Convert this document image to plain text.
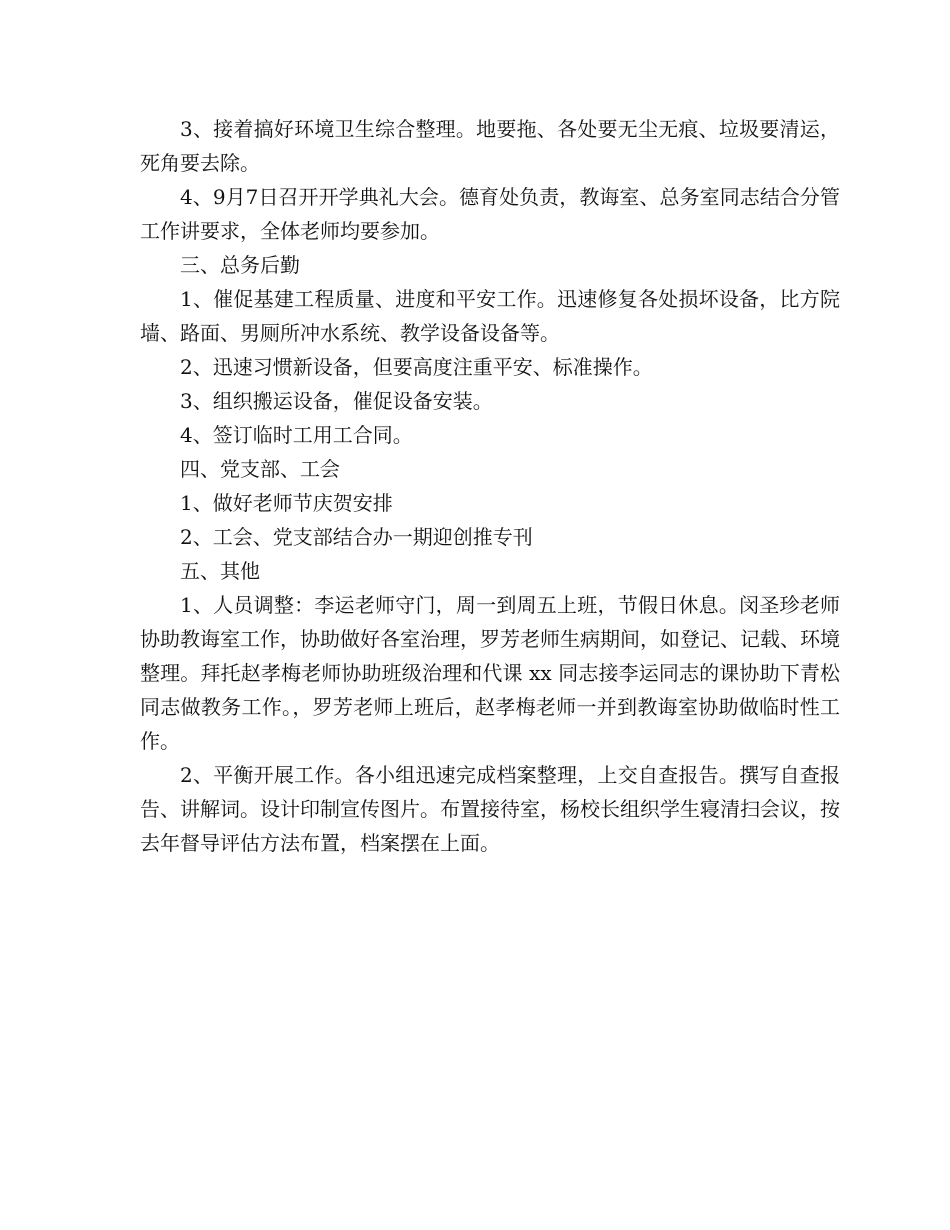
3、接着搞好环境卫生综合整理。地要拖、各处要无尘无痕、垃圾要清运，死角要去除。

4、9月7日召开开学典礼大会。德育处负责，教诲室、总务室同志结合分管工作讲要求，全体老师均要参加。

三、总务后勤

1、催促基建工程质量、进度和平安工作。迅速修复各处损坏设备，比方院墙、路面、男厕所冲水系统、教学设备设备等。

2、迅速习惯新设备，但要高度注重平安、标准操作。

3、组织搬运设备，催促设备安装。

4、签订临时工用工合同。

四、党支部、工会

1、做好老师节庆贺安排

2、工会、党支部结合办一期迎创推专刊

五、其他

1、人员调整：李运老师守门，周一到周五上班，节假日休息。闵圣珍老师协助教诲室工作，协助做好各室治理，罗芳老师生病期间，如登记、记载、环境整理。拜托赵孝梅老师协助班级治理和代课 xx 同志接李运同志的课协助下青松同志做教务工作。，罗芳老师上班后，赵孝梅老师一并到教诲室协助做临时性工作。

2、平衡开展工作。各小组迅速完成档案整理，上交自查报告。撰写自查报告、讲解词。设计印制宣传图片。布置接待室，杨校长组织学生寝清扫会议，按去年督导评估方法布置，档案摆在上面。
